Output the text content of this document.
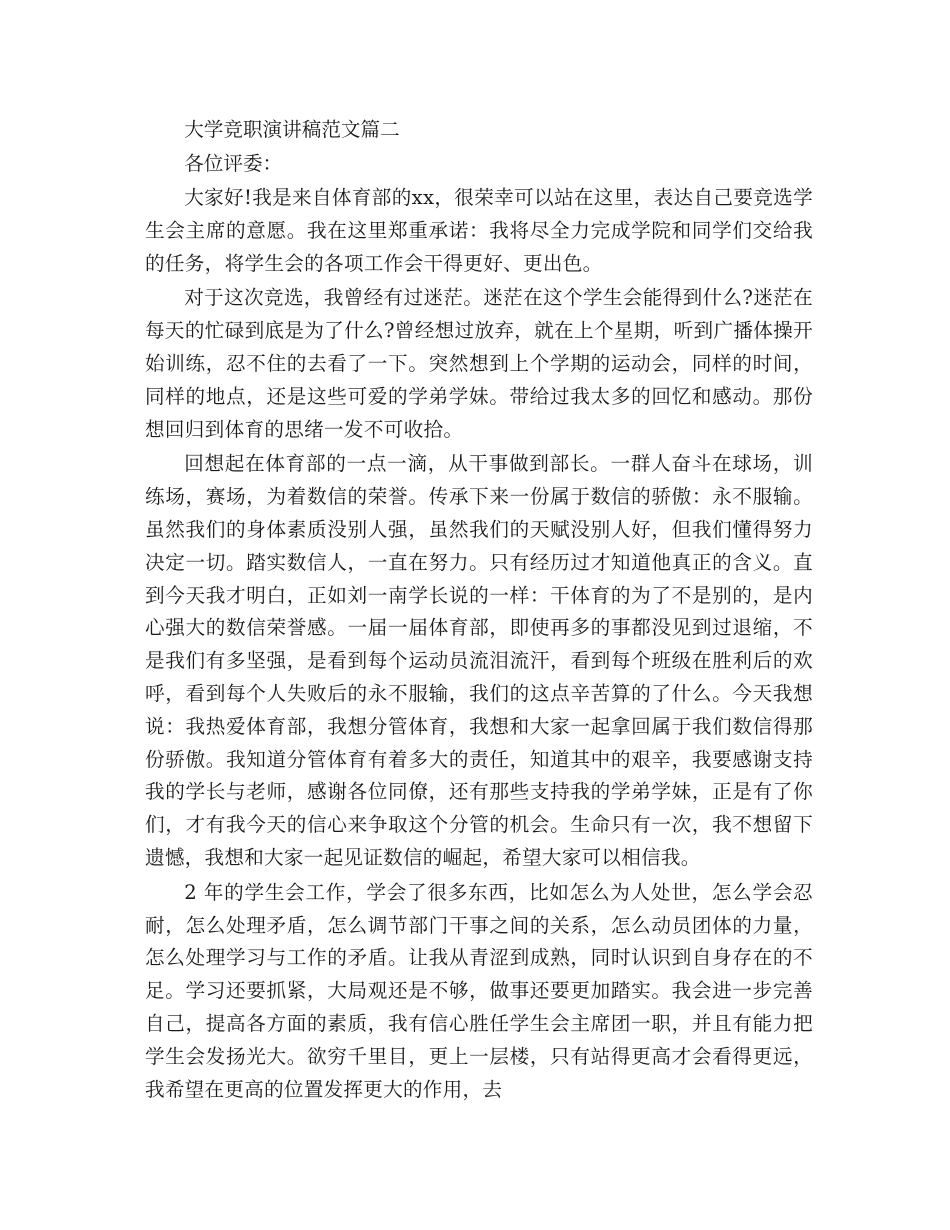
大学竞职演讲稿范文篇二

各位评委：

大家好!我是来自体育部的xx，很荣幸可以站在这里，表达自己要竞选学生会主席的意愿。我在这里郑重承诺：我将尽全力完成学院和同学们交给我的任务，将学生会的各项工作会干得更好、更出色。

对于这次竞选，我曾经有过迷茫。迷茫在这个学生会能得到什么?迷茫在每天的忙碌到底是为了什么?曾经想过放弃，就在上个星期，听到广播体操开始训练，忍不住的去看了一下。突然想到上个学期的运动会，同样的时间，同样的地点，还是这些可爱的学弟学妹。带给过我太多的回忆和感动。那份想回归到体育的思绪一发不可收拾。

回想起在体育部的一点一滴，从干事做到部长。一群人奋斗在球场，训练场，赛场，为着数信的荣誉。传承下来一份属于数信的骄傲：永不服输。虽然我们的身体素质没别人强，虽然我们的天赋没别人好，但我们懂得努力决定一切。踏实数信人，一直在努力。只有经历过才知道他真正的含义。直到今天我才明白，正如刘一南学长说的一样：干体育的为了不是别的，是内心强大的数信荣誉感。一届一届体育部，即使再多的事都没见到过退缩，不是我们有多坚强，是看到每个运动员流泪流汗，看到每个班级在胜利后的欢呼，看到每个人失败后的永不服输，我们的这点辛苦算的了什么。今天我想说：我热爱体育部，我想分管体育，我想和大家一起拿回属于我们数信得那份骄傲。我知道分管体育有着多大的责任，知道其中的艰辛，我要感谢支持我的学长与老师，感谢各位同僚，还有那些支持我的学弟学妹，正是有了你们，才有我今天的信心来争取这个分管的机会。生命只有一次，我不想留下遗憾，我想和大家一起见证数信的崛起，希望大家可以相信我。

2 年的学生会工作，学会了很多东西，比如怎么为人处世，怎么学会忍耐，怎么处理矛盾，怎么调节部门干事之间的关系，怎么动员团体的力量，怎么处理学习与工作的矛盾。让我从青涩到成熟，同时认识到自身存在的不足。学习还要抓紧，大局观还是不够，做事还要更加踏实。我会进一步完善自己，提高各方面的素质，我有信心胜任学生会主席团一职，并且有能力把学生会发扬光大。欲穷千里目，更上一层楼，只有站得更高才会看得更远，我希望在更高的位置发挥更大的作用，去
